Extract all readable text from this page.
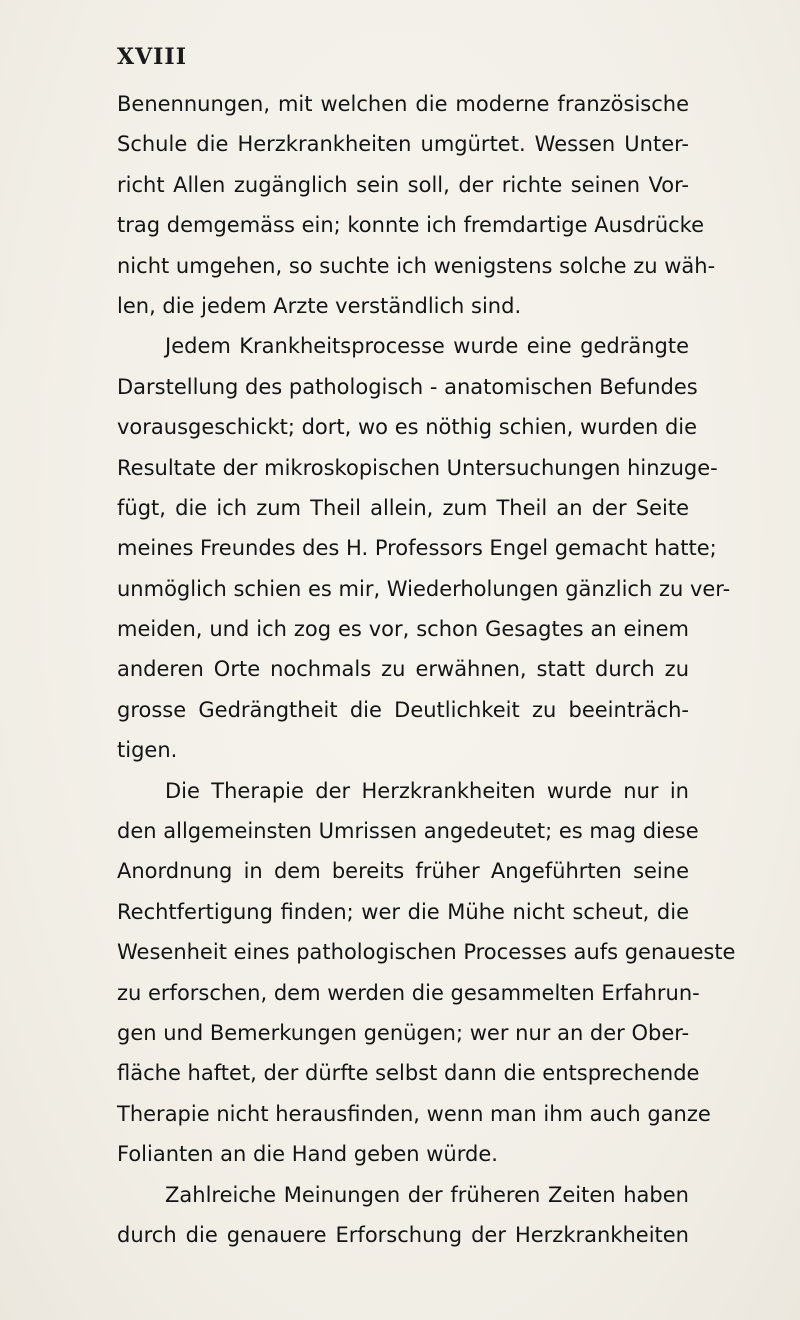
XVIII
Benennungen, mit welchen die moderne französische
Schule die Herzkrankheiten umgürtet. Wessen Unter-
richt Allen zugänglich sein soll, der richte seinen Vor-
trag demgemäss ein; konnte ich fremdartige Ausdrücke
nicht umgehen, so suchte ich wenigstens solche zu wäh-
len, die jedem Arzte verständlich sind.
Jedem Krankheitsprocesse wurde eine gedrängte
Darstellung des pathologisch - anatomischen Befundes
vorausgeschickt; dort, wo es nöthig schien, wurden die
Resultate der mikroskopischen Untersuchungen hinzuge-
fügt, die ich zum Theil allein, zum Theil an der Seite
meines Freundes des H. Professors Engel gemacht hatte;
unmöglich schien es mir, Wiederholungen gänzlich zu ver-
meiden, und ich zog es vor, schon Gesagtes an einem
anderen Orte nochmals zu erwähnen, statt durch zu
grosse Gedrängtheit die Deutlichkeit zu beeinträch-
tigen.
Die Therapie der Herzkrankheiten wurde nur in
den allgemeinsten Umrissen angedeutet; es mag diese
Anordnung in dem bereits früher Angeführten seine
Rechtfertigung finden; wer die Mühe nicht scheut, die
Wesenheit eines pathologischen Processes aufs genaueste
zu erforschen, dem werden die gesammelten Erfahrun-
gen und Bemerkungen genügen; wer nur an der Ober-
fläche haftet, der dürfte selbst dann die entsprechende
Therapie nicht herausfinden, wenn man ihm auch ganze
Folianten an die Hand geben würde.
Zahlreiche Meinungen der früheren Zeiten haben
durch die genauere Erforschung der Herzkrankheiten
